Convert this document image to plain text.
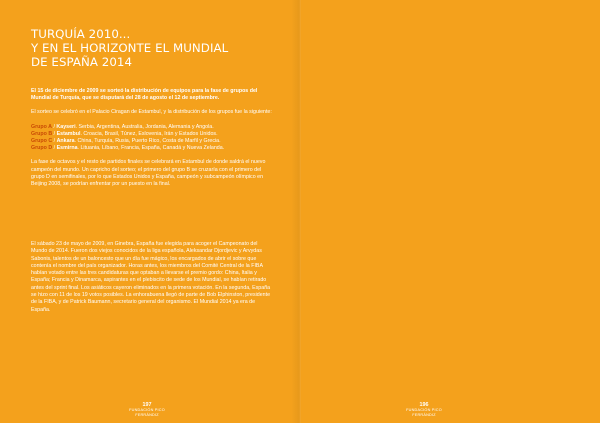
TURQUÍA 2010...
Y EN EL HORIZONTE EL MUNDIAL
DE ESPAÑA 2014

El 15 de diciembre de 2009 se sorteó la distribución de equipos para la fase de grupos del Mundial de Turquía, que se disputará del 28 de agosto el 12 de septiembre.

El sorteo se celebró en el Palacio Ciragan de Estambul, y la distribución de los grupos fue la siguiente:

Grupo A / Kayseri. Serbia, Argentina, Australia, Jordania, Alemania y Angola.
Grupo B / Estambul. Croacia, Brasil, Túnez, Eslovenia, Irán y Estados Unidos.
Grupo C / Ankara. China, Turquía, Rusia, Puerto Rico, Costa de Marfil y Grecia.
Grupo D / Esmirna. Lituania, Líbano, Francia, España, Canadá y Nueva Zelanda.

La fase de octavos y el resto de partidos finales se celebrará en Estambul de donde saldrá el nuevo campeón del mundo. Un capricho del sorteo; el primero del grupo B se cruzaría con el primero del grupo D en semifinales, por lo que Estados Unidos y España, campeón y subcampeón olímpico en Beijing 2008, se podrían enfrentar por un puesto en la final.

El sábado 23 de mayo de 2009, en Ginebra, España fue elegida para acoger el Campeonato del Mundo de 2014. Fueron dos viejos conocidos de la liga española, Aleksandar Djordjevic y Arvydas Sabonis, talentos de un baloncesto que un día fue mágico, los encargados de abrir el sobre que contenía el nombre del país organizador. Horas antes, los miembros del Comité Central de la FIBA habían votado entre las tres candidaturas que optaban a llevarse el premio gordo: China, Italia y España; Francia y Dinamarca, aspirantes en el plebiscito de sede de los Mundial, se habían retirado antes del sprint final. Los asiáticos cayeron eliminados en la primera votación. En la segunda, España se hizo con 11 de los 19 votos posibles. La enhorabuena llegó de parte de Bob Elphinston, presidente de la FIBA, y de Patrick Baumann, secretario general del organismo. El Mundial 2014 ya era de España.
197
FUNDACIÓN PICO FERRÁNDIZ
196
FUNDACIÓN PICO FERRÁNDIZ
